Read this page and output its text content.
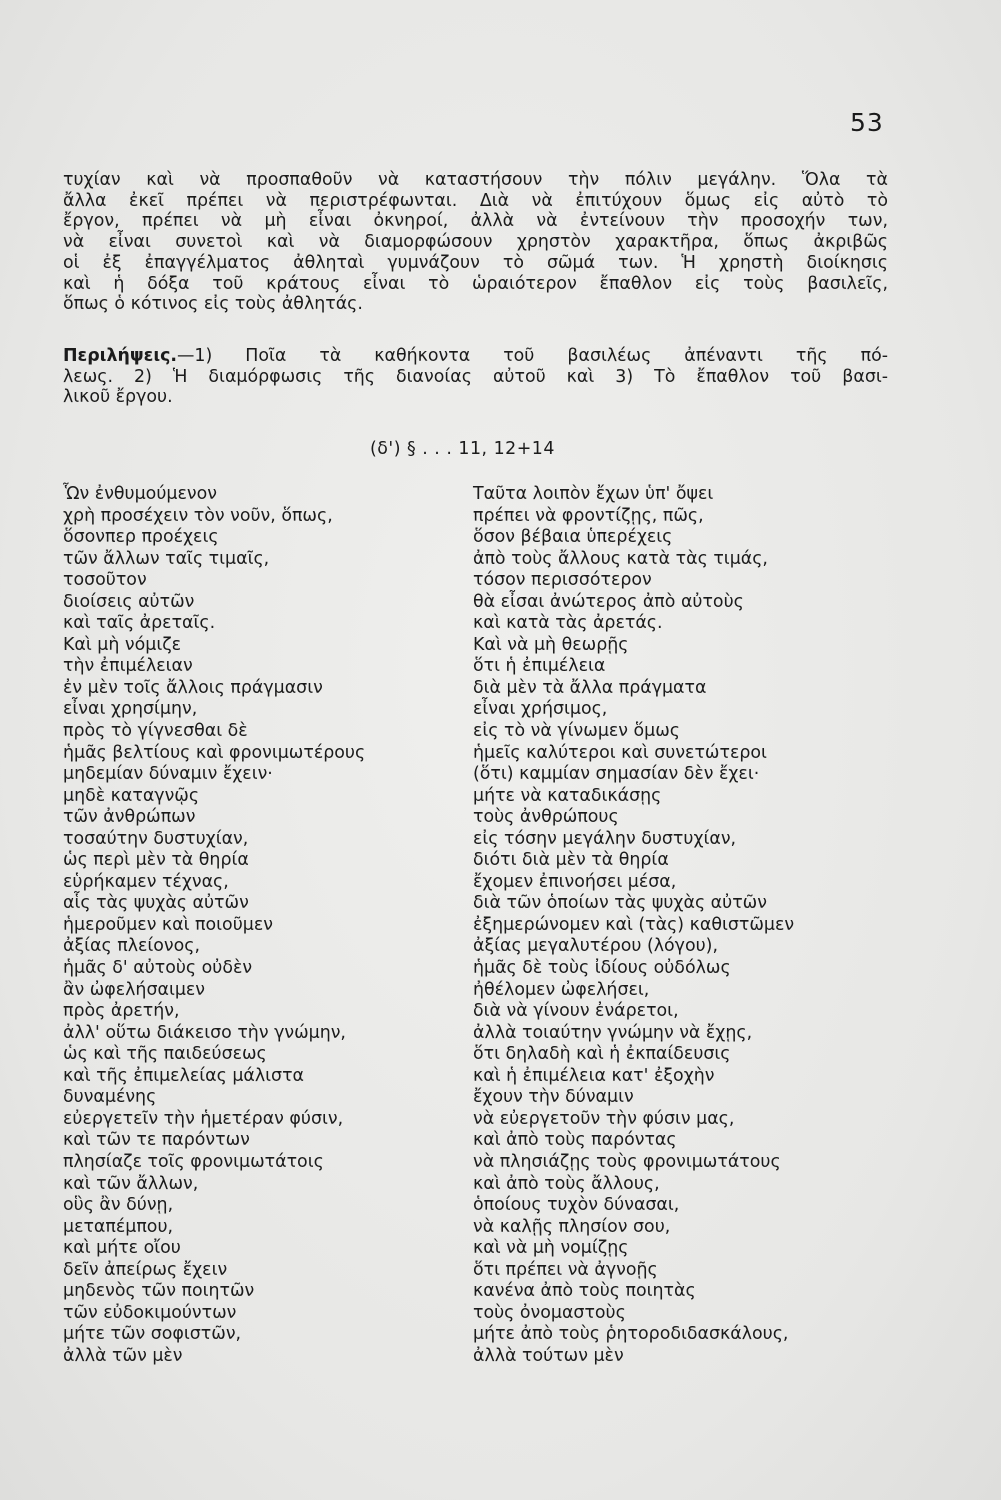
53
τυχίαν καὶ νὰ προσπαθοῦν νὰ καταστήσουν τὴν πόλιν μεγάλην. Ὅλα τὰ
ἄλλα ἐκεῖ πρέπει νὰ περιστρέφωνται. Διὰ νὰ ἐπιτύχουν ὅμως εἰς αὐτὸ τὸ
ἔργον, πρέπει νὰ μὴ εἶναι ὀκνηροί, ἀλλὰ νὰ ἐντείνουν τὴν προσοχήν των,
νὰ εἶναι συνετοὶ καὶ νὰ διαμορφώσουν χρηστὸν χαρακτῆρα, ὅπως ἀκριβῶς
οἱ ἐξ ἐπαγγέλματος ἀθληταὶ γυμνάζουν τὸ σῶμά των. Ἡ χρηστὴ διοίκησις
καὶ ἡ δόξα τοῦ κράτους εἶναι τὸ ὡραιότερον ἔπαθλον εἰς τοὺς βασιλεῖς,
ὅπως ὁ κότινος εἰς τοὺς ἀθλητάς.
Περιλήψεις.—1) Ποῖα τὰ καθήκοντα τοῦ βασιλέως ἀπέναντι τῆς πό-
λεως. 2) Ἡ διαμόρφωσις τῆς διανοίας αὐτοῦ καὶ 3) Τὸ ἔπαθλον τοῦ βασι-
λικοῦ ἔργου.
(δ') § . . . 11, 12+14
Ὧν ἐνθυμούμενον
χρὴ προσέχειν τὸν νοῦν, ὅπως,
ὅσονπερ προέχεις
τῶν ἄλλων ταῖς τιμαῖς,
τοσοῦτον
διοίσεις αὐτῶν
καὶ ταῖς ἀρεταῖς.
Καὶ μὴ νόμιζε
τὴν ἐπιμέλειαν
ἐν μὲν τοῖς ἄλλοις πράγμασιν
εἶναι χρησίμην,
πρὸς τὸ γίγνεσθαι δὲ
ἡμᾶς βελτίους καὶ φρονιμωτέρους
μηδεμίαν δύναμιν ἔχειν·
μηδὲ καταγνῷς
τῶν ἀνθρώπων
τοσαύτην δυστυχίαν,
ὡς περὶ μὲν τὰ θηρία
εὑρήκαμεν τέχνας,
αἷς τὰς ψυχὰς αὐτῶν
ἡμεροῦμεν καὶ ποιοῦμεν
ἀξίας πλείονος,
ἡμᾶς δ' αὐτοὺς οὐδὲν
ἂν ὠφελήσαιμεν
πρὸς ἀρετήν,
ἀλλ' οὕτω διάκεισο τὴν γνώμην,
ὡς καὶ τῆς παιδεύσεως
καὶ τῆς ἐπιμελείας μάλιστα
δυναμένης
εὐεργετεῖν τὴν ἡμετέραν φύσιν,
καὶ τῶν τε παρόντων
πλησίαζε τοῖς φρονιμωτάτοις
καὶ τῶν ἄλλων,
οὓς ἂν δύνῃ,
μεταπέμπου,
καὶ μήτε οἴου
δεῖν ἀπείρως ἔχειν
μηδενὸς τῶν ποιητῶν
τῶν εὐδοκιμούντων
μήτε τῶν σοφιστῶν,
ἀλλὰ τῶν μὲν
Ταῦτα λοιπὸν ἔχων ὑπ' ὄψει
πρέπει νὰ φροντίζῃς, πῶς,
ὅσον βέβαια ὑπερέχεις
ἀπὸ τοὺς ἄλλους κατὰ τὰς τιμάς,
τόσον περισσότερον
θὰ εἶσαι ἀνώτερος ἀπὸ αὐτοὺς
καὶ κατὰ τὰς ἀρετάς.
Καὶ νὰ μὴ θεωρῇς
ὅτι ἡ ἐπιμέλεια
διὰ μὲν τὰ ἄλλα πράγματα
εἶναι χρήσιμος,
εἰς τὸ νὰ γίνωμεν ὅμως
ἡμεῖς καλύτεροι καὶ συνετώτεροι
(ὅτι) καμμίαν σημασίαν δὲν ἔχει·
μήτε νὰ καταδικάσῃς
τοὺς ἀνθρώπους
εἰς τόσην μεγάλην δυστυχίαν,
διότι διὰ μὲν τὰ θηρία
ἔχομεν ἐπινοήσει μέσα,
διὰ τῶν ὁποίων τὰς ψυχὰς αὐτῶν
ἐξημερώνομεν καὶ (τὰς) καθιστῶμεν
ἀξίας μεγαλυτέρου (λόγου),
ἡμᾶς δὲ τοὺς ἰδίους οὐδόλως
ἠθέλομεν ὠφελήσει,
διὰ νὰ γίνουν ἐνάρετοι,
ἀλλὰ τοιαύτην γνώμην νὰ ἔχῃς,
ὅτι δηλαδὴ καὶ ἡ ἐκπαίδευσις
καὶ ἡ ἐπιμέλεια κατ' ἐξοχὴν
ἔχουν τὴν δύναμιν
νὰ εὐεργετοῦν τὴν φύσιν μας,
καὶ ἀπὸ τοὺς παρόντας
νὰ πλησιάζῃς τοὺς φρονιμωτάτους
καὶ ἀπὸ τοὺς ἄλλους,
ὁποίους τυχὸν δύνασαι,
νὰ καλῇς πλησίον σου,
καὶ νὰ μὴ νομίζῃς
ὅτι πρέπει νὰ ἀγνοῇς
κανένα ἀπὸ τοὺς ποιητὰς
τοὺς ὀνομαστοὺς
μήτε ἀπὸ τοὺς ῥητοροδιδασκάλους,
ἀλλὰ τούτων μὲν
